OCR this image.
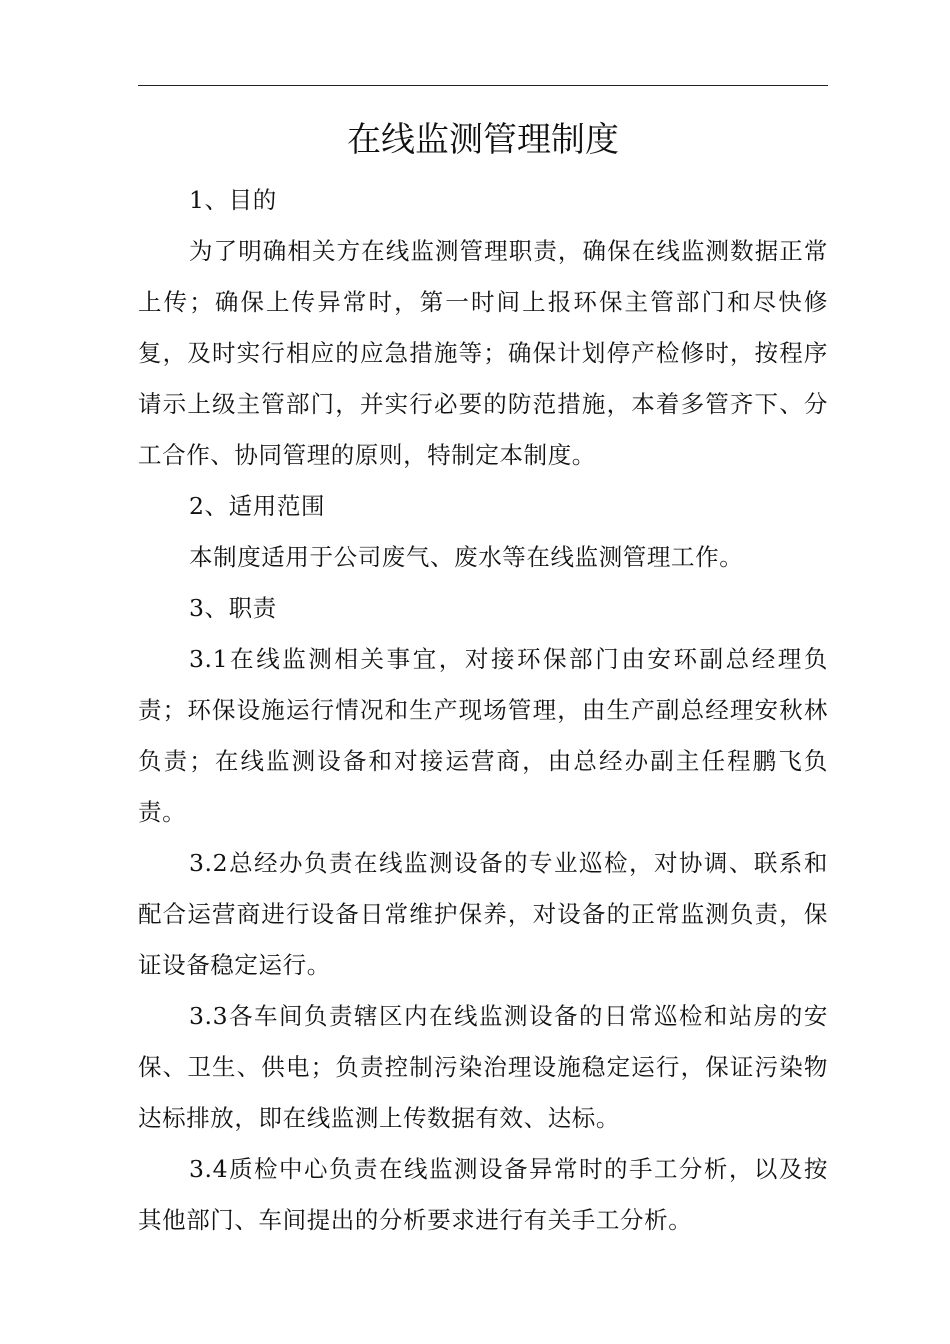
在线监测管理制度

1、目的

为了明确相关方在线监测管理职责，确保在线监测数据正常上传；确保上传异常时，第一时间上报环保主管部门和尽快修复，及时实行相应的应急措施等；确保计划停产检修时，按程序请示上级主管部门，并实行必要的防范措施，本着多管齐下、分工合作、协同管理的原则，特制定本制度。

2、适用范围

本制度适用于公司废气、废水等在线监测管理工作。

3、职责

3.1在线监测相关事宜，对接环保部门由安环副总经理负责；环保设施运行情况和生产现场管理，由生产副总经理安秋林负责；在线监测设备和对接运营商，由总经办副主任程鹏飞负责。

3.2总经办负责在线监测设备的专业巡检，对协调、联系和配合运营商进行设备日常维护保养，对设备的正常监测负责，保证设备稳定运行。

3.3各车间负责辖区内在线监测设备的日常巡检和站房的安保、卫生、供电；负责控制污染治理设施稳定运行，保证污染物达标排放，即在线监测上传数据有效、达标。

3.4质检中心负责在线监测设备异常时的手工分析，以及按其他部门、车间提出的分析要求进行有关手工分析。
